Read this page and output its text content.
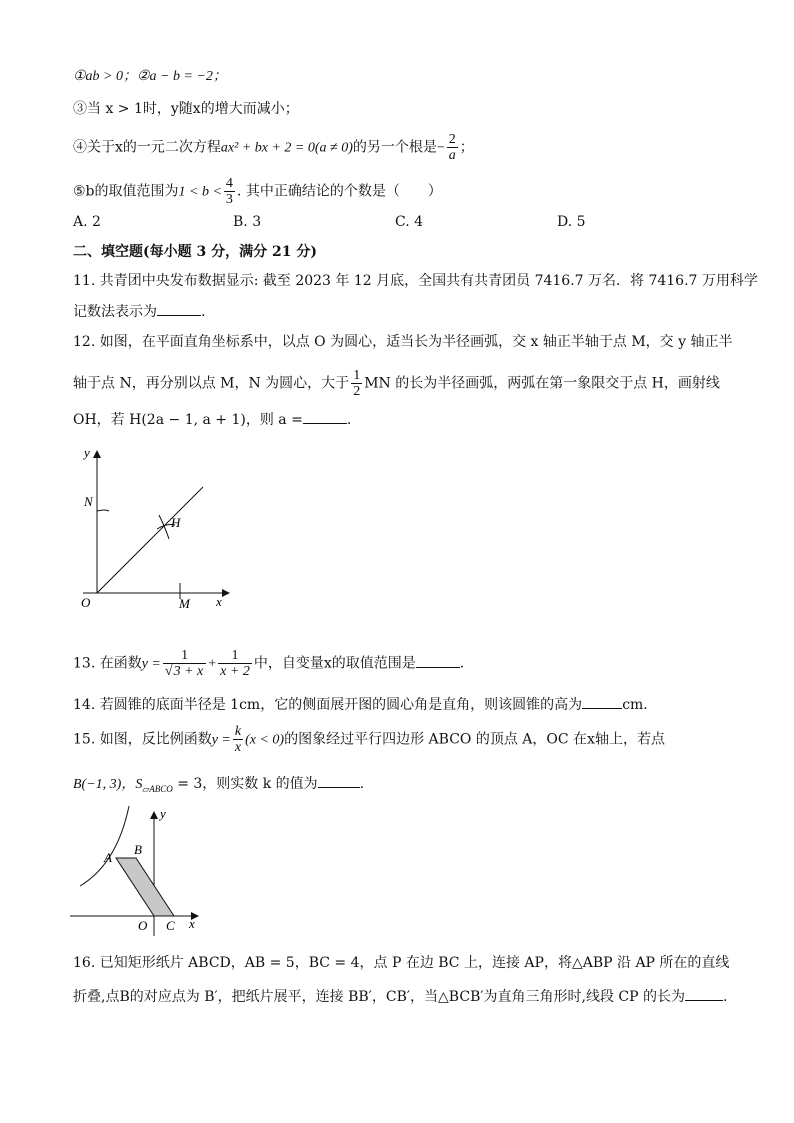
①ab > 0；②a − b = −2；
③当 x > 1时，y随x的增大而减小；
④关于x的一元二次方程ax² + bx + 2 = 0(a ≠ 0)的另一个根是− $\frac{2}{a}$ ；
⑤b的取值范围为$1 < b < \frac{4}{3}$ . 其中正确结论的个数是（　　）
A. 2	B. 3	C. 4	D. 5
二、填空题(每小题 3 分，满分 21 分)
11. 共青团中央发布数据显示: 截至 2023 年 12 月底，全国共有共青团员 7416.7 万名．将 7416.7 万用科学
记数法表示为	.
12. 如图，在平面直角坐标系中，以点 O 为圆心，适当长为半径画弧，交 x 轴正半轴于点 M，交 y 轴正半
轴于点 N，再分别以点 M，N 为圆心，大于 $\frac{1}{2}$ MN 的长为半径画弧，两弧在第一象限交于点 H，画射线
OH，若 H(2a − 1, a + 1)，则 a =	.
y
x
N
H
O	M
13. 在函数$y = \frac{1}{√3 + x} + \frac{1}{x + 2}$ 中，自变量x的取值范围是	.
14. 若圆锥的底面半径是 1cm，它的侧面展开图的圆心角是直角，则该圆锥的高为	cm.
15. 如图，反比例函数$y = \frac{k}{x} (x < 0)$的图象经过平行四边形 ABCO 的顶点 A，OC 在x轴上，若点
B(−1, 3)，$S_{▱ABCO} = 3$，则实数 k 的值为	.
A
B
O C
y
x
16. 已知矩形纸片 ABCD，AB = 5，BC = 4，点 P 在边 BC 上，连接 AP，将△ABP 沿 AP 所在的直线
折叠,点B的对应点为 B′，把纸片展平，连接 BB′，CB′，当△BCB′为直角三角形时,线段 CP 的长为	.
